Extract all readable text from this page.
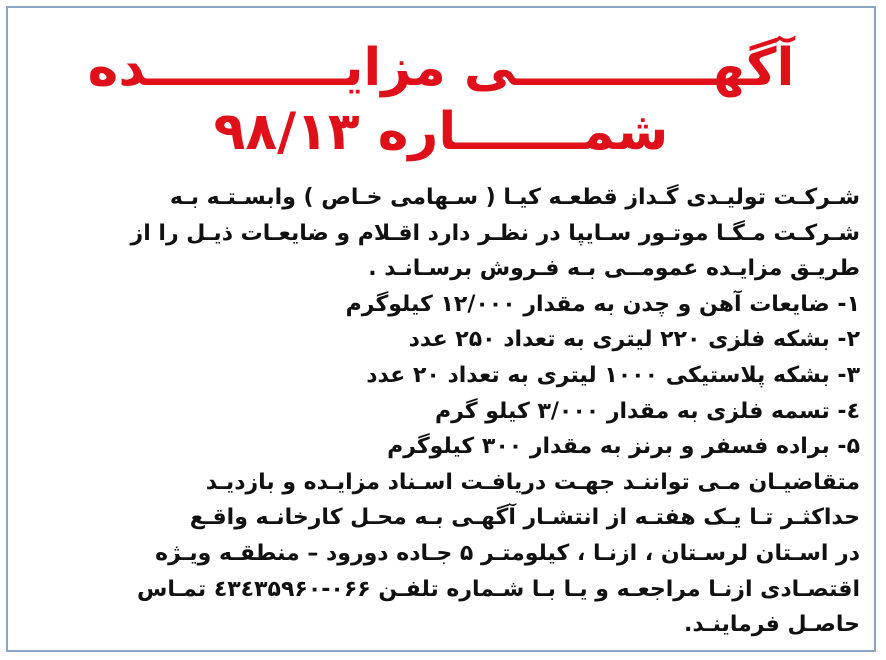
آگهـــــــــــی مزایـــــــــــده
شمـــــــاره ۹۸/۱۳
شـرکـت تولیـدی گـداز قطعـه کیـا ( سـهامی خـاص ) وابسـتـه بـه
شـرکـت مـگـا موتـور سـایپا در نظـر دارد اقـلام و ضایعـات ذیـل را از
طریـق مزایـده عمومــی بـه فـروش برسـانـد .
۱- ضایعات آهن و چدن به مقدار ۱۲/۰۰۰ کیلوگرم
۲- بشکه فلزی ۲۲۰ لیتری به تعداد ۲۵۰ عدد
۳- بشکه پلاستیکی ۱۰۰۰ لیتری به تعداد ۲۰ عدد
٤- تسمه فلزی به مقدار ۳/۰۰۰ کیلو گرم
۵- براده فسفر و برنز به مقدار ۳۰۰ کیلوگرم
متقاضیـان مـی تواننـد جهـت دریافـت اسـناد مزایـده و بازدیـد
حداکثـر تـا یـک هفتـه از انتشـار آگهـی بـه محـل کارخانـه واقـع
در اسـتان لرسـتان ، ازنـا ، کیلومتـر ۵ جـاده دورود – منطقـه ویـژه
اقتصـادی ازنـا مراجعـه و یـا بـا شـماره تلفـن ۰۶۶-٤۳٤۳۵۹۶۰ تمـاس
حاصـل فرماینـد.
